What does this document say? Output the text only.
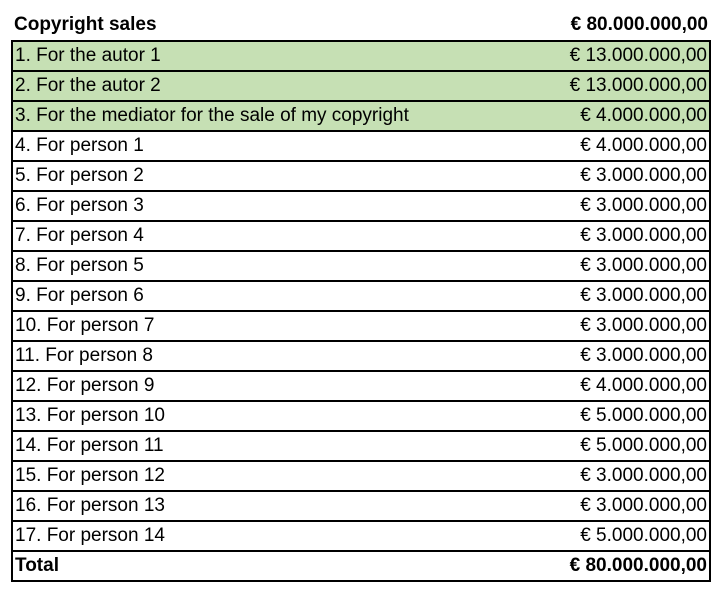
Copyright sales	€ 80.000.000,00
1. For the autor 1	€ 13.000.000,00
2. For the autor 2	€ 13.000.000,00
3. For the mediator for the sale of my copyright	€ 4.000.000,00
4. For person 1	€ 4.000.000,00
5. For person 2	€ 3.000.000,00
6. For person 3	€ 3.000.000,00
7. For person 4	€ 3.000.000,00
8. For person 5	€ 3.000.000,00
9. For person 6	€ 3.000.000,00
10. For person 7	€ 3.000.000,00
11. For person 8	€ 3.000.000,00
12. For person 9	€ 4.000.000,00
13. For person 10	€ 5.000.000,00
14. For person 11	€ 5.000.000,00
15. For person 12	€ 3.000.000,00
16. For person 13	€ 3.000.000,00
17. For person 14	€ 5.000.000,00
Total	€ 80.000.000,00
